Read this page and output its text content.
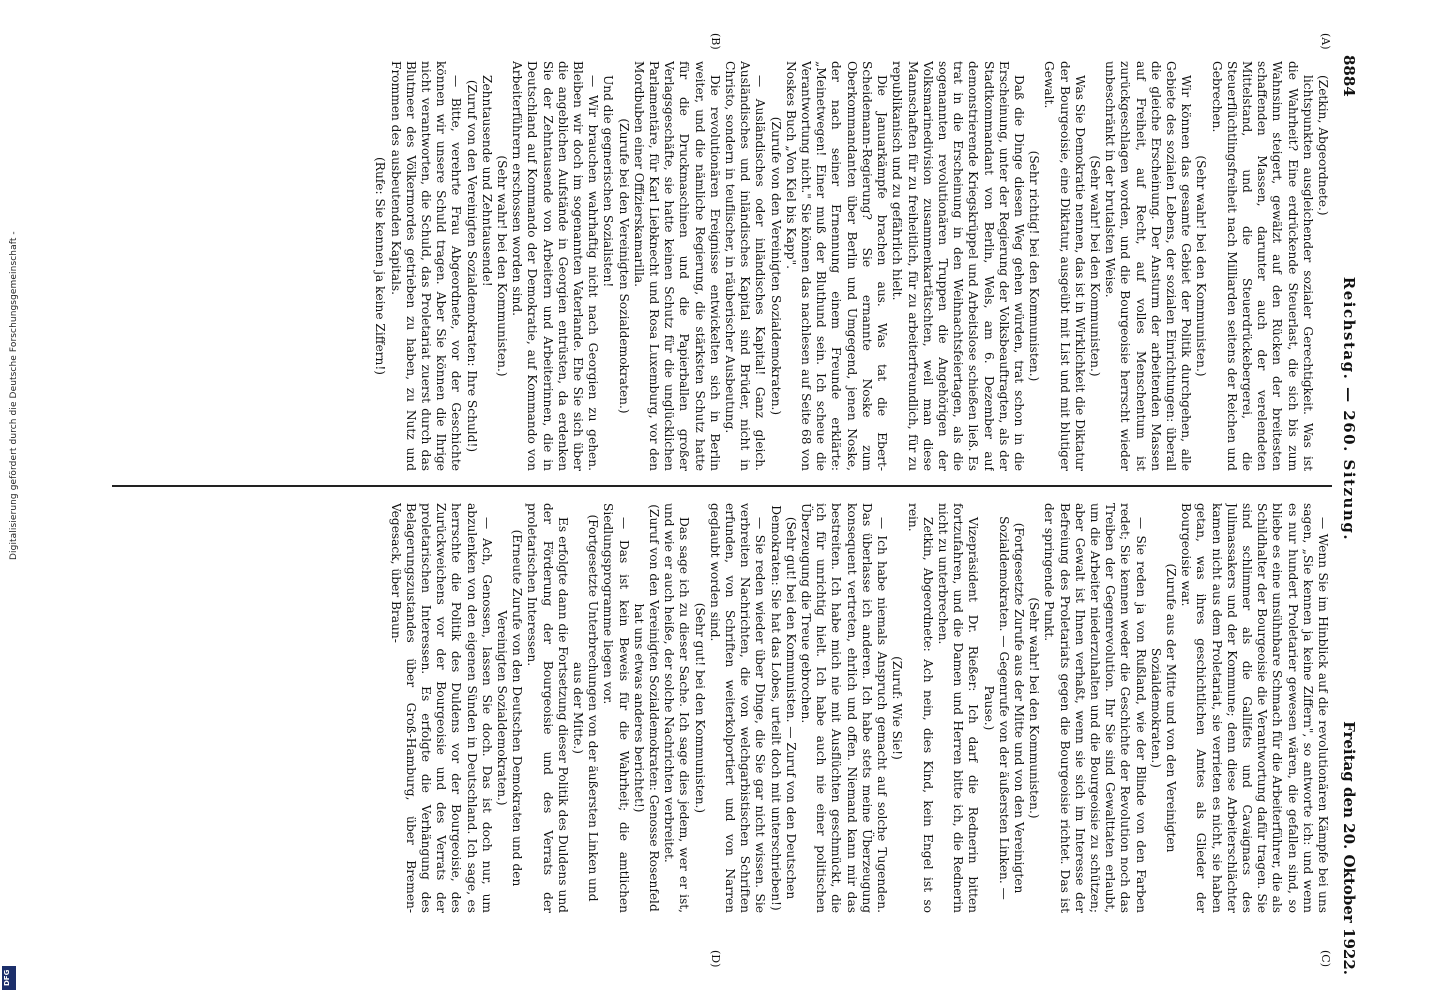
Digitalisierung gefördert durch die Deutsche Forschungsgemeinschaft -
DFG
8884
Reichstag. — 260. Sitzung.
Freitag den 20. Oktober 1922.
(A)
(B)
(C)
(D)

(Zetkin, Abgeordnete.)

lichtspunkten ausgleichender sozialer Gerechtigkeit. Was ist die Wahrheit? Eine erdrückende Steuerlast, die sich bis zum Wahnsinn steigert, gewälzt auf den Rücken der breitesten schaffenden Massen, darunter auch der verelendeten Mittelstand, und die Steuerdrückebergerei, die Steuerflüchtlingsfreiheit nach Milliarden seitens der Reichen und Gebrechen.

(Sehr wahr! bei den Kommunisten.)

Wir können das gesamte Gebiet der Politik durchgehen, alle Gebiete des sozialen Lebens, der sozialen Einrichtungen: überall die gleiche Erscheinung. Der Ansturm der arbeitenden Massen auf Freiheit, auf Recht, auf volles Menschentum ist zurückgeschlagen worden, und die Bourgeoisie herrscht wieder unbeschränkt in der brutalsten Weise.

(Sehr wahr! bei den Kommunisten.)

Was Sie Demokratie nennen, das ist in Wirklichkeit die Diktatur der Bourgeoisie, eine Diktatur, ausgeübt mit List und mit blutiger Gewalt.

(Sehr richtig! bei den Kommunisten.)

Daß die Dinge diesen Weg gehen würden, trat schon in die Erscheinung, unter der Regierung der Volksbeauftragten, als der Stadtkommandant von Berlin, Wels, am 6. Dezember auf demonstrierende Kriegskrüppel und Arbeitslose schießen ließ. Es trat in die Erscheinung in den Weihnachtsfeiertagen, als die sogenannten revolutionären Truppen die Angehörigen der Volksmarinedivision zusammenkartätschten, weil man diese Mannschaften für zu freiheitlich, für zu arbeiterfreundlich, für zu republikanisch und zu gefährlich hielt.

Die Januarkämpfe brachen aus. Was tat die Ebert-Scheidemann-Regierung? Sie ernannte Noske zum Oberkommandanten über Berlin und Umgegend, jenen Noske, der nach seiner Ernennung einem Freunde erklärte: „Meinetwegen! Einer muß der Bluthund sein. Ich scheue die Verantwortung nicht." Sie können das nachlesen auf Seite 68 von Noskes Buch „Von Kiel bis Kapp".

(Zurufe von den Vereinigten Sozialdemokraten.)

— Ausländisches oder inländisches Kapital! Ganz gleich. Ausländisches und inländisches Kapital sind Brüder, nicht in Christo, sondern in teuflischer, in räuberischer Ausbeutung.

Die revolutionären Ereignisse entwickelten sich in Berlin weiter, und die nämliche Regierung, die stärksten Schutz hatte für die Druckmaschinen und die Papierballen großer Verlagsgeschäfte, sie hatte keinen Schutz für die unglücklichen Parlamentäre, für Karl Liebknecht und Rosa Luxemburg, vor den Mordbuben einer Offizierskamarilla.

(Zurufe bei den Vereinigten Sozialdemokraten.)

Und die gegnerischen Sozialisten!

— Wir brauchen wahrhaftig nicht nach Georgien zu gehen. Bleiben wir doch im sogenannten Vaterlande. Ehe Sie sich über die angeblichen Aufstände in Georgien entrüsten, da erdenken Sie der Zehntausende von Arbeitern und Arbeiterinnen, die in Deutschland auf Kommando der Demokratie, auf Kommando von Arbeiterführern erschossen worden sind.

(Sehr wahr! bei den Kommunisten.)

Zehntausende und Zehntausende!

(Zuruf von den Vereinigten Sozialdemokraten: Ihre Schuld!)

— Bitte, verehrte Frau Abgeordnete, vor der Geschichte können wir unsere Schuld tragen. Aber Sie können die Ihrige nicht verantworten, die Schuld, das Proletariat zuerst durch das Blutmeer des Völkermordes getrieben zu haben, zu Nutz und Frommen des ausbeutenden Kapitals.

(Rufe: Sie kennen ja keine Ziffern!)

— Wenn Sie im Hinblick auf die revolutionären Kämpfe bei uns sagen, „Sie kennen ja keine Ziffern", so antworte ich: und wenn es nur hundert Proletarier gewesen wären, die gefallen sind, so bliebe es eine unsühnbare Schmach für die Arbeiterführer, die als Schildhalter der Bourgeoisie die Verantwortung dafür tragen. Sie sind schlimmer als die Gallifets und Cavaignacs des Julimassakers und der Kommune; denn diese Arbeiterschlächter kamen nicht aus dem Proletariat, sie verrieten es nicht, sie haben getan, was ihres geschichtlichen Amtes als Glieder der Bourgeoisie war.

(Zurufe aus der Mitte und von den Vereinigten Sozialdemokraten.)

— Sie reden ja von Rußland, wie der Blinde von den Farben redet; Sie kennen weder die Geschichte der Revolution noch das Treiben der Gegenrevolution. Ihr Sie sind Gewalttaten erlaubt, um die Arbeiter niederzuhalten und die Bourgeoisie zu schützen; aber Gewalt ist Ihnen verhaßt, wenn sie sich im Interesse der Befreiung des Proletariats gegen die Bourgeoisie richtet. Das ist der springende Punkt.

(Sehr wahr! bei den Kommunisten.)

(Fortgesetzte Zurufe aus der Mitte und von den Vereinigten Sozialdemokraten. — Gegenrufe von der äußersten Linken. — Pause.)

Vizepräsident Dr. Rießer: Ich darf die Rednerin bitten fortzufahren, und die Damen und Herren bitte ich, die Rednerin nicht zu unterbrechen.

Zetkin, Abgeordnete: Ach nein, dies Kind, kein Engel ist so rein.

(Zuruf: Wie Sie!)

— Ich habe niemals Anspruch gemacht auf solche Tugenden. Das überlasse ich anderen. Ich habe stets meine Überzeugung konsequent vertreten, ehrlich und offen. Niemand kann mir das bestreiten. Ich habe mich nie mit Ausflüchten geschmückt, die ich für unrichtig hielt. Ich habe auch nie einer politischen Überzeugung die Treue gebrochen.

(Sehr gut! bei den Kommunisten. — Zuruf von den Deutschen Demokraten: Sie hat das Lobes, urteilt doch mit unterschrieben!)

— Sie reden wieder über Dinge, die Sie gar nicht wissen. Sie verbreiten Nachrichten, die von welchgarbistischen Schriften erfunden, von Schriften weiterkolportiert und von Narren geglaubt worden sind.

(Sehr gut! bei den Kommunisten.)

Das sage ich zu dieser Sache. Ich sage dies jedem, wer er ist, und wie er auch heiße, der solche Nachrichten verbreitet.

(Zuruf von den Vereinigten Sozialdemokraten: Genosse Rosenfeld hat uns etwas anderes berichtet!)

— Das ist kein Beweis für die Wahrheit; die amtlichen Siedlungsprogramme liegen vor.

(Fortgesetzte Unterbrechungen von der äußersten Linken und aus der Mitte.)

Es erfolgte dann die Fortsetzung dieser Politik des Duldens und der Förderung der Bourgeoisie und des Verrats der proletarischen Interessen.

(Erneute Zurufe von den Deutschen Demokraten und den Vereinigten Sozialdemokraten.)

— Ach, Genossen, lassen Sie doch. Das ist doch nur, um abzulenken von den eigenen Sünden in Deutschland. Ich sage, es herrschte die Politik des Duldens vor der Bourgeoisie, des Zurückweichens vor der Bourgeoisie und des Verrats der proletarischen Interessen. Es erfolgte die Verhängung des Belagerungszustandes über Groß-Hamburg, über Bremen-Vegesack, über Braun-
